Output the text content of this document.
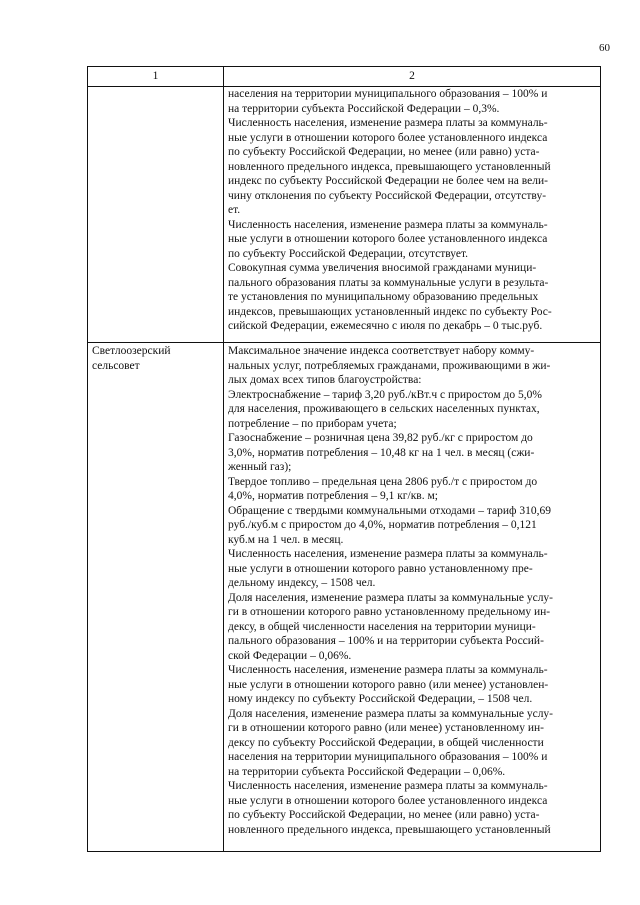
60
1	2

населения на территории муниципального образования – 100% и
на территории субъекта Российской Федерации – 0,3%.

Численность населения, изменение размера платы за коммуналь-
ные услуги в отношении которого более установленного индекса
по субъекту Российской Федерации, но менее (или равно) уста-
новленного предельного индекса, превышающего установленный
индекс по субъекту Российской Федерации не более чем на вели-
чину отклонения по субъекту Российской Федерации, отсутству-
ет.

Численность населения, изменение размера платы за коммуналь-
ные услуги в отношении которого более установленного индекса
по субъекту Российской Федерации, отсутствует.

Совокупная сумма увеличения вносимой гражданами муници-
пального образования платы за коммунальные услуги в результа-
те установления по муниципальному образованию предельных
индексов, превышающих установленный индекс по субъекту Рос-
сийской Федерации, ежемесячно с июля по декабрь – 0 тыс.руб.

Светлоозерский
сельсовет

Максимальное значение индекса соответствует набору комму-
нальных услуг, потребляемых гражданами, проживающими в жи-
лых домах всех типов благоустройства:

Электроснабжение – тариф 3,20 руб./кВт.ч с приростом до 5,0%
для населения, проживающего в сельских населенных пунктах,
потребление – по приборам учета;

Газоснабжение – розничная цена 39,82 руб./кг с приростом до
3,0%, норматив потребления – 10,48 кг на 1 чел. в месяц (сжи-
женный газ);

Твердое топливо – предельная цена 2806 руб./т с приростом до
4,0%, норматив потребления – 9,1 кг/кв. м;

Обращение с твердыми коммунальными отходами – тариф 310,69
руб./куб.м с приростом до 4,0%, норматив потребления – 0,121
куб.м на 1 чел. в месяц.

Численность населения, изменение размера платы за коммуналь-
ные услуги в отношении которого равно установленному пре-
дельному индексу, – 1508 чел.

Доля населения, изменение размера платы за коммунальные услу-
ги в отношении которого равно установленному предельному ин-
дексу, в общей численности населения на территории муници-
пального образования – 100% и на территории субъекта Россий-
ской Федерации – 0,06%.

Численность населения, изменение размера платы за коммуналь-
ные услуги в отношении которого равно (или менее) установлен-
ному индексу по субъекту Российской Федерации, – 1508 чел.

Доля населения, изменение размера платы за коммунальные услу-
ги в отношении которого равно (или менее) установленному ин-
дексу по субъекту Российской Федерации, в общей численности
населения на территории муниципального образования – 100% и
на территории субъекта Российской Федерации – 0,06%.

Численность населения, изменение размера платы за коммуналь-
ные услуги в отношении которого более установленного индекса
по субъекту Российской Федерации, но менее (или равно) уста-
новленного предельного индекса, превышающего установленный
